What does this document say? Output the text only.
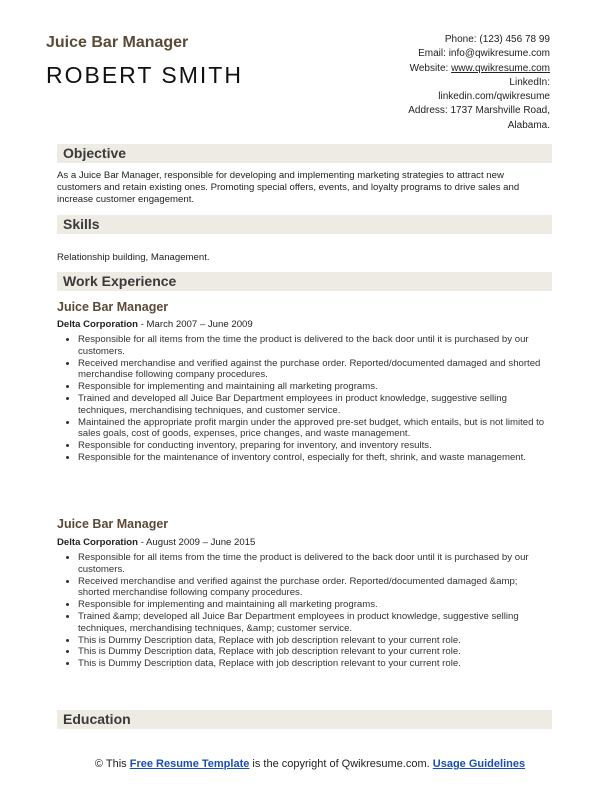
Juice Bar Manager
ROBERT SMITH
Phone: (123) 456 78 99
Email: info@qwikresume.com
Website: www.qwikresume.com
LinkedIn:
linkedin.com/qwikresume
Address: 1737 Marshville Road,
Alabama.
Objective
As a Juice Bar Manager, responsible for developing and implementing marketing strategies to attract new customers and retain existing ones. Promoting special offers, events, and loyalty programs to drive sales and increase customer engagement.
Skills
Relationship building, Management.
Work Experience
Juice Bar Manager
Delta Corporation - March 2007 – June 2009
• Responsible for all items from the time the product is delivered to the back door until it is purchased by our customers.
• Received merchandise and verified against the purchase order. Reported/documented damaged and shorted merchandise following company procedures.
• Responsible for implementing and maintaining all marketing programs.
• Trained and developed all Juice Bar Department employees in product knowledge, suggestive selling techniques, merchandising techniques, and customer service.
• Maintained the appropriate profit margin under the approved pre-set budget, which entails, but is not limited to sales goals, cost of goods, expenses, price changes, and waste management.
• Responsible for conducting inventory, preparing for inventory, and inventory results.
• Responsible for the maintenance of inventory control, especially for theft, shrink, and waste management.
Juice Bar Manager
Delta Corporation - August 2009 – June 2015
• Responsible for all items from the time the product is delivered to the back door until it is purchased by our customers.
• Received merchandise and verified against the purchase order. Reported/documented damaged &amp; shorted merchandise following company procedures.
• Responsible for implementing and maintaining all marketing programs.
• Trained &amp; developed all Juice Bar Department employees in product knowledge, suggestive selling techniques, merchandising techniques, &amp; customer service.
• This is Dummy Description data, Replace with job description relevant to your current role.
• This is Dummy Description data, Replace with job description relevant to your current role.
• This is Dummy Description data, Replace with job description relevant to your current role.
Education
© This Free Resume Template is the copyright of Qwikresume.com. Usage Guidelines
